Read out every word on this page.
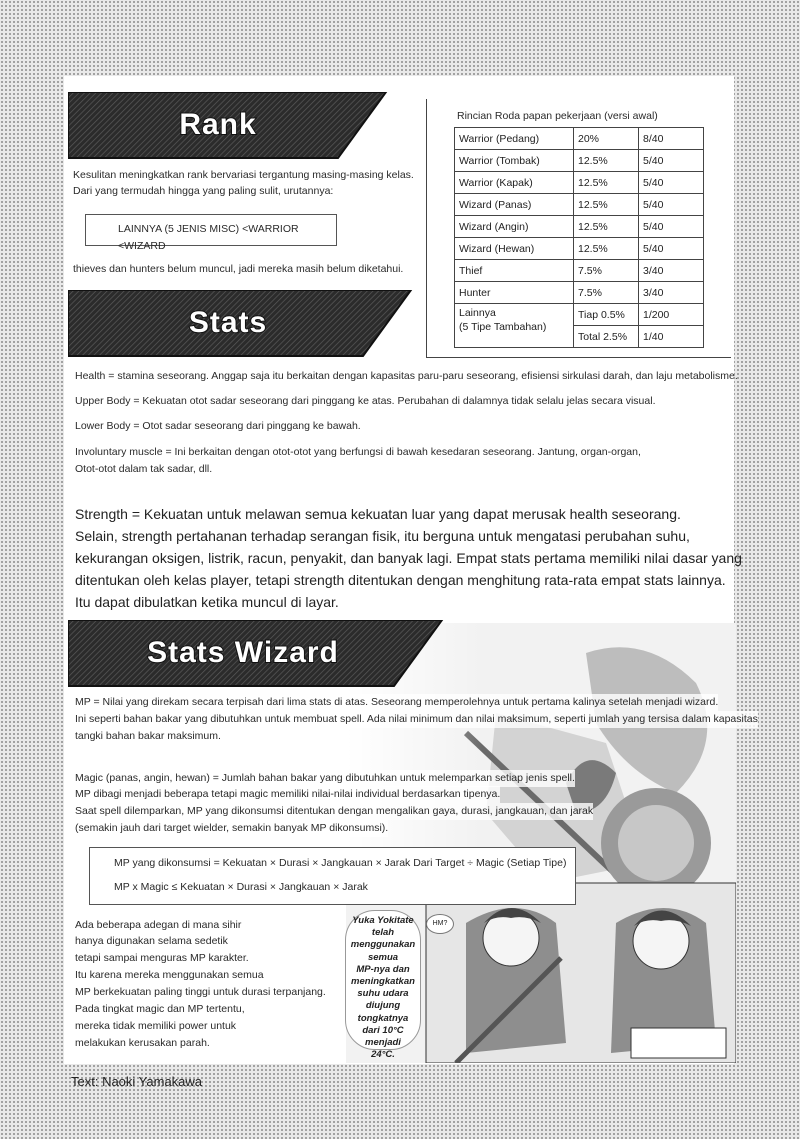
Rank
Kesulitan meningkatkan rank bervariasi tergantung masing-masing kelas.
Dari yang termudah hingga yang paling sulit, urutannya:
LAINNYA (5 JENIS MISC) <WARRIOR <WIZARD
thieves dan hunters belum muncul, jadi mereka masih belum diketahui.
Rincian Roda papan pekerjaan (versi awal)
Warrior (Pedang)	20%	8/40
Warrior (Tombak)	12.5%	5/40
Warrior (Kapak)	12.5%	5/40
Wizard (Panas)	12.5%	5/40
Wizard (Angin)	12.5%	5/40
Wizard (Hewan)	12.5%	5/40
Thief	7.5%	3/40
Hunter	7.5%	3/40

Lainnya
(5 Tipe Tambahan)	Tiap 0.5%	1/200
	Total 2.5%	1/40
Stats
Health = stamina seseorang. Anggap saja itu berkaitan dengan kapasitas paru-paru seseorang, efisiensi sirkulasi darah, dan laju metabolisme.
Upper Body = Kekuatan otot sadar seseorang dari pinggang ke atas. Perubahan di dalamnya tidak selalu jelas secara visual.
Lower Body = Otot sadar seseorang dari pinggang ke bawah.
Involuntary muscle = Ini berkaitan dengan otot-otot yang berfungsi di bawah kesedaran seseorang. Jantung, organ-organ,
Otot-otot dalam tak sadar, dll.
Strength = Kekuatan untuk melawan semua kekuatan luar yang dapat merusak health seseorang.
Selain, strength pertahanan terhadap serangan fisik, itu berguna untuk mengatasi perubahan suhu,
kekurangan oksigen, listrik, racun, penyakit, dan banyak lagi. Empat stats pertama memiliki nilai dasar yang
ditentukan oleh kelas player, tetapi strength ditentukan dengan menghitung rata-rata empat stats lainnya.
Itu dapat dibulatkan ketika muncul di layar.
Yuka Yokitate
telah
menggunakan
semua
MP-nya dan
meningkatkan
suhu udara
diujung
tongkatnya
dari 10°C
menjadi
24°C.
HM?
Stats Wizard
MP = Nilai yang direkam secara terpisah dari lima stats di atas. Seseorang memperolehnya untuk pertama kalinya setelah menjadi wizard.
Ini seperti bahan bakar yang dibutuhkan untuk membuat spell. Ada nilai minimum dan nilai maksimum, seperti jumlah yang tersisa dalam kapasitas
tangki bahan bakar maksimum.
Magic (panas, angin, hewan) = Jumlah bahan bakar yang dibutuhkan untuk melemparkan setiap jenis spell.
MP dibagi menjadi beberapa tetapi magic memiliki nilai-nilai individual berdasarkan tipenya.
Saat spell dilemparkan, MP yang dikonsumsi ditentukan dengan mengalikan gaya, durasi, jangkauan, dan jarak
(semakin jauh dari target wielder, semakin banyak MP dikonsumsi).
MP yang dikonsumsi = Kekuatan × Durasi × Jangkauan × Jarak Dari Target ÷ Magic (Setiap Tipe)
MP x Magic ≤ Kekuatan × Durasi × Jangkauan × Jarak
Ada beberapa adegan di mana sihir
hanya digunakan selama sedetik
tetapi sampai menguras MP karakter.
Itu karena mereka menggunakan semua
MP berkekuatan paling tinggi untuk durasi terpanjang.
Pada tingkat magic dan MP tertentu,
mereka tidak memiliki power untuk
melakukan kerusakan parah.
Text: Naoki Yamakawa
